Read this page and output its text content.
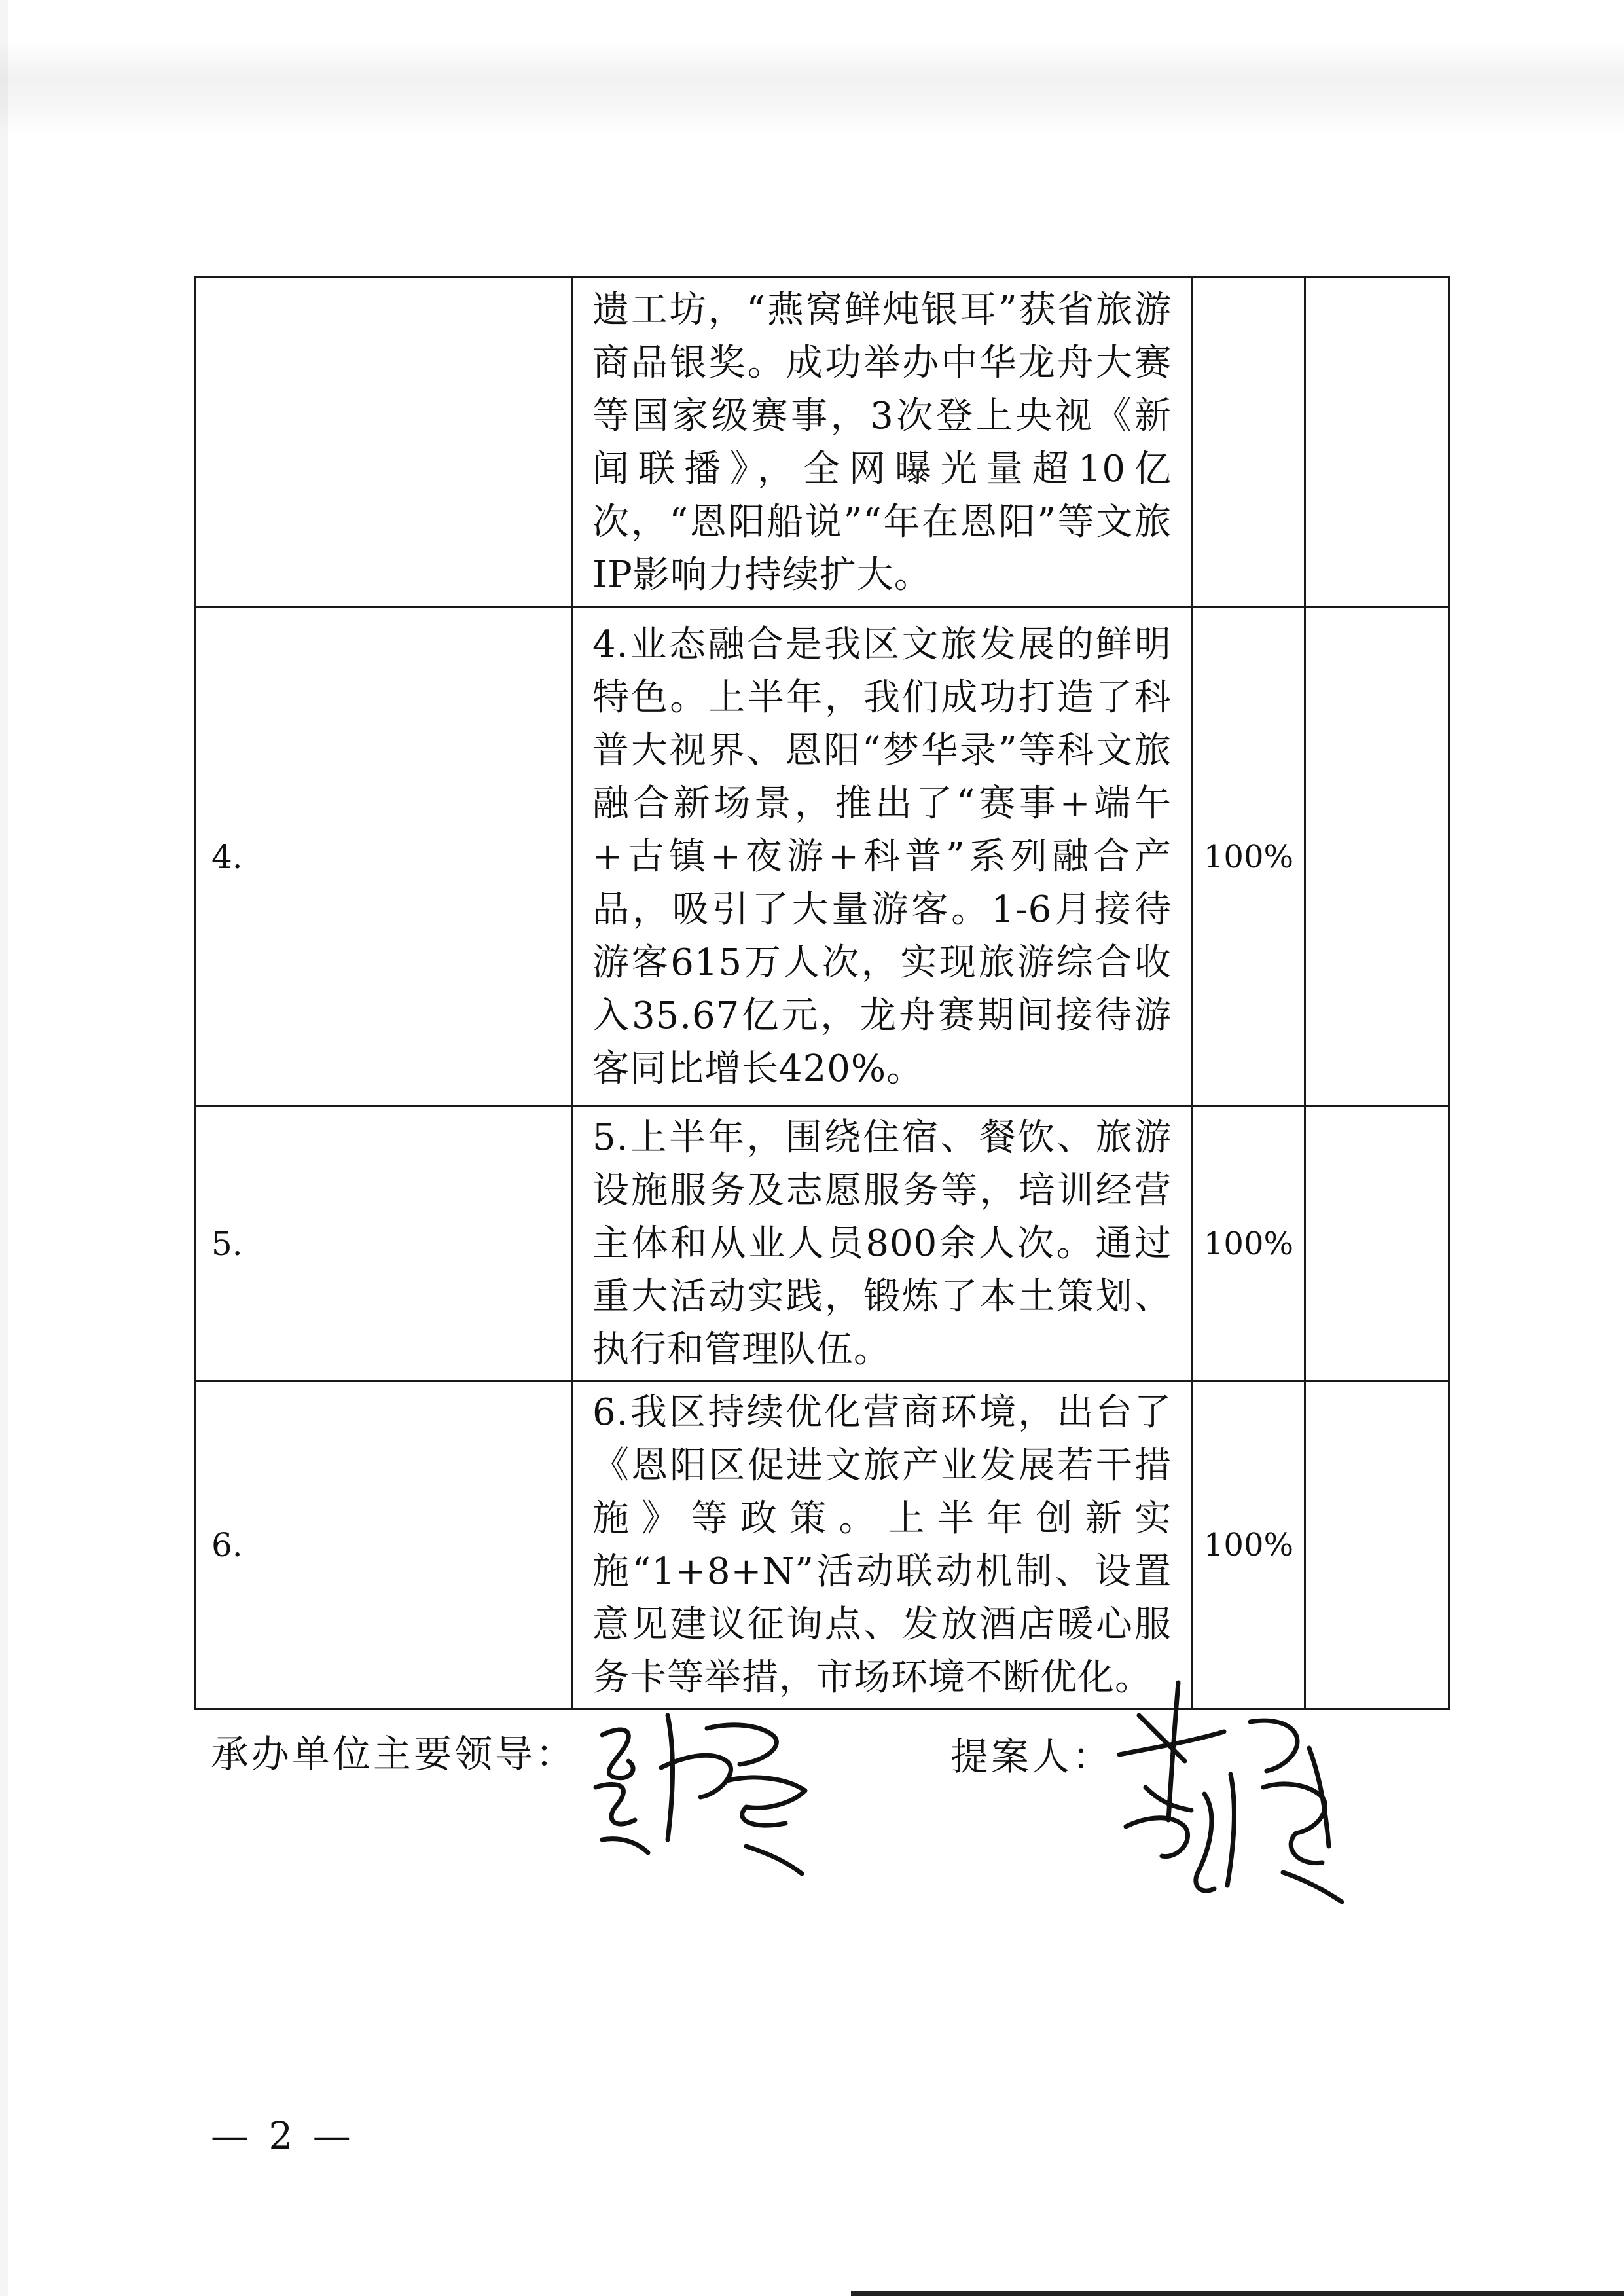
	遗工坊，“燕窝鲜炖银耳”获省旅游商品银奖。成功举办中华龙舟大赛等国家级赛事，3次登上央视《新闻联播》，全网曝光量超10亿次，“恩阳船说”“年在恩阳”等文旅IP影响力持续扩大。		
4.	4.业态融合是我区文旅发展的鲜明特色。上半年，我们成功打造了科普大视界、恩阳“梦华录”等科文旅融合新场景，推出了“赛事+端午+古镇+夜游+科普”系列融合产品，吸引了大量游客。1-6月接待游客615万人次，实现旅游综合收入35.67亿元，龙舟赛期间接待游客同比增长420%。	100%	
5.	5.上半年，围绕住宿、餐饮、旅游设施服务及志愿服务等，培训经营主体和从业人员800余人次。通过重大活动实践，锻炼了本土策划、执行和管理队伍。	100%	
6.	6.我区持续优化营商环境，出台了《恩阳区促进文旅产业发展若干措施》等政策。上半年创新实施“1+8+N”活动联动机制、设置意见建议征询点、发放酒店暖心服务卡等举措，市场环境不断优化。	100%	
承办单位主要领导：	提案人：
— 2 —
